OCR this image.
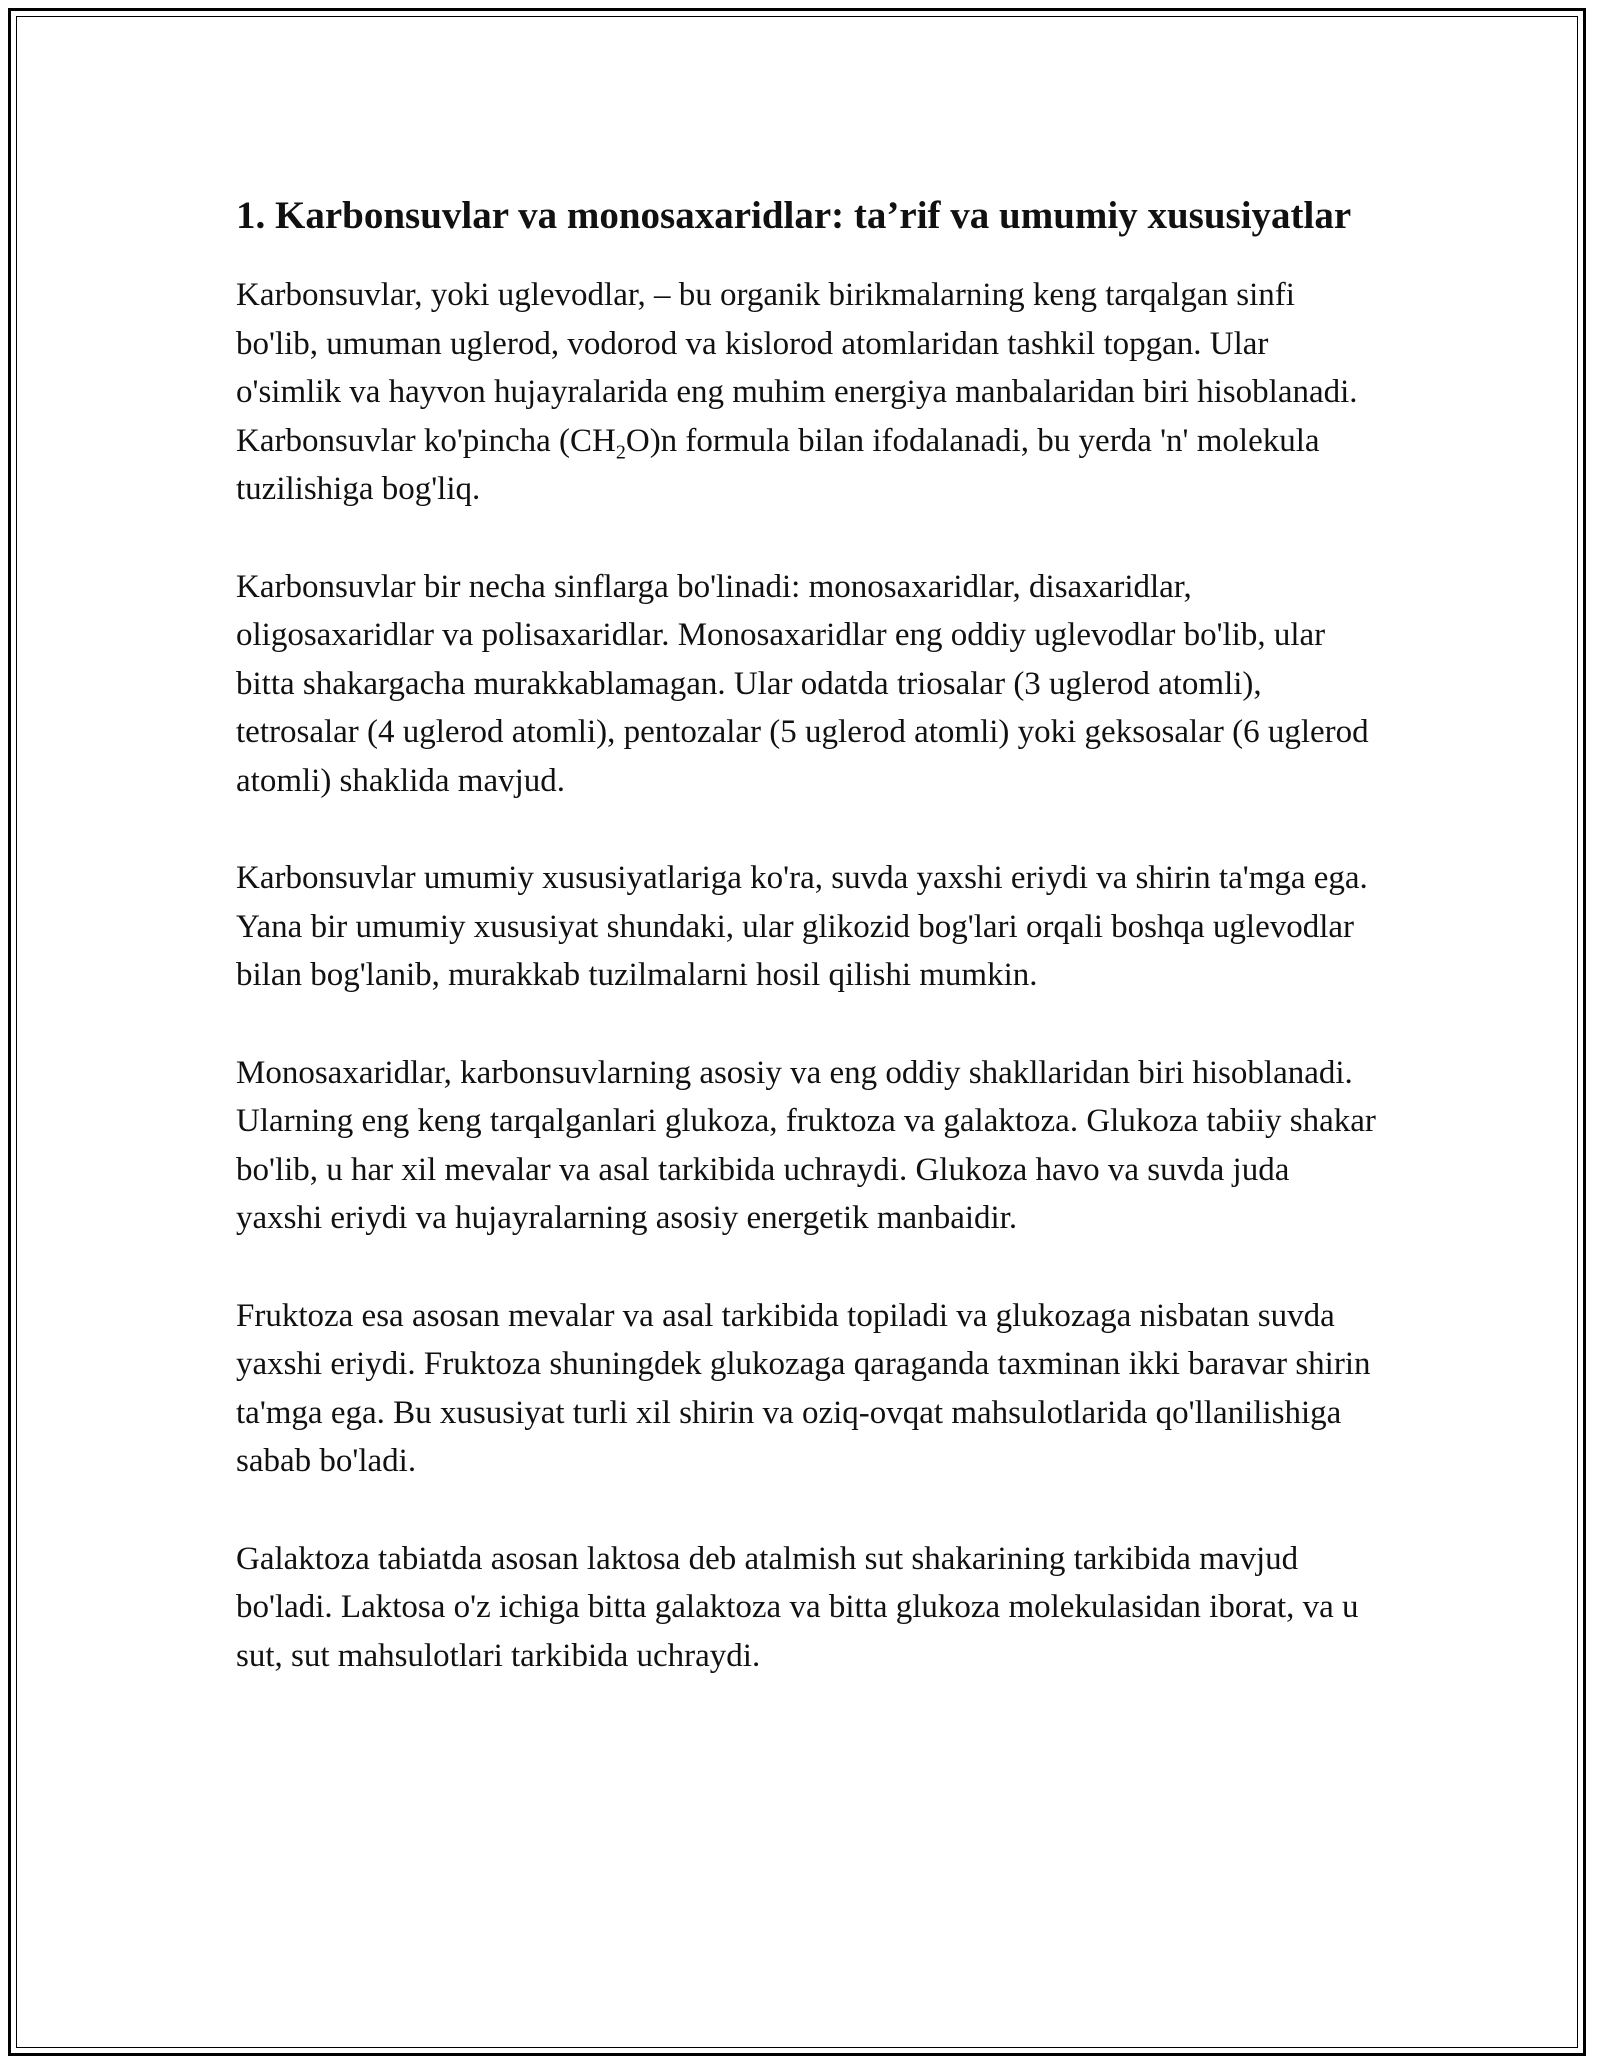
1. Karbonsuvlar va monosaxaridlar: ta’rif va umumiy xususiyatlar

Karbonsuvlar, yoki uglevodlar, – bu organik birikmalarning keng tarqalgan sinfi bo'lib, umuman uglerod, vodorod va kislorod atomlaridan tashkil topgan. Ular o'simlik va hayvon hujayralarida eng muhim energiya manbalaridan biri hisoblanadi. Karbonsuvlar ko'pincha $(CH_2O)n$ formula bilan ifodalanadi, bu yerda 'n' molekula tuzilishiga bog'liq.

Karbonsuvlar bir necha sinflarga bo'linadi: monosaxaridlar, disaxaridlar, oligosaxaridlar va polisaxaridlar. Monosaxaridlar eng oddiy uglevodlar bo'lib, ular bitta shakargacha murakkablamagan. Ular odatda triosalar (3 uglerod atomli), tetrosalar (4 uglerod atomli), pentozalar (5 uglerod atomli) yoki geksosalar (6 uglerod atomli) shaklida mavjud.

Karbonsuvlar umumiy xususiyatlariga ko'ra, suvda yaxshi eriydi va shirin ta'mga ega. Yana bir umumiy xususiyat shundaki, ular glikozid bog'lari orqali boshqa uglevodlar bilan bog'lanib, murakkab tuzilmalarni hosil qilishi mumkin.

Monosaxaridlar, karbonsuvlarning asosiy va eng oddiy shakllaridan biri hisoblanadi. Ularning eng keng tarqalganlari glukoza, fruktoza va galaktoza. Glukoza tabiiy shakar bo'lib, u har xil mevalar va asal tarkibida uchraydi. Glukoza havo va suvda juda yaxshi eriydi va hujayralarning asosiy energetik manbaidir.

Fruktoza esa asosan mevalar va asal tarkibida topiladi va glukozaga nisbatan suvda yaxshi eriydi. Fruktoza shuningdek glukozaga qaraganda taxminan ikki baravar shirin ta'mga ega. Bu xususiyat turli xil shirin va oziq-ovqat mahsulotlarida qo'llanilishiga sabab bo'ladi.

Galaktoza tabiatda asosan laktosa deb atalmish sut shakarining tarkibida mavjud bo'ladi. Laktosa o'z ichiga bitta galaktoza va bitta glukoza molekulasidan iborat, va u sut, sut mahsulotlari tarkibida uchraydi.
